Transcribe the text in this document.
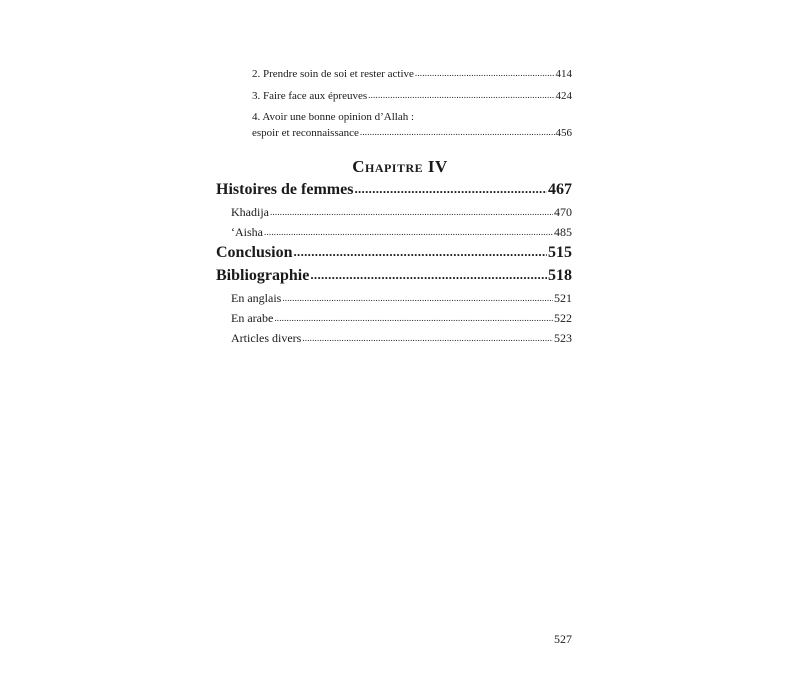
2. Prendre soin de soi et rester active .....	414
3. Faire face aux épreuves .....	424
4. Avoir une bonne opinion d’Allah :
espoir et reconnaissance .....	456
Chapitre IV
Histoires de femmes .....	467
Khadija .....	470
‘Aisha .....	485
Conclusion .....	515
Bibliographie .....	518
En anglais .....	521
En arabe .....	522
Articles divers .....	523
527
